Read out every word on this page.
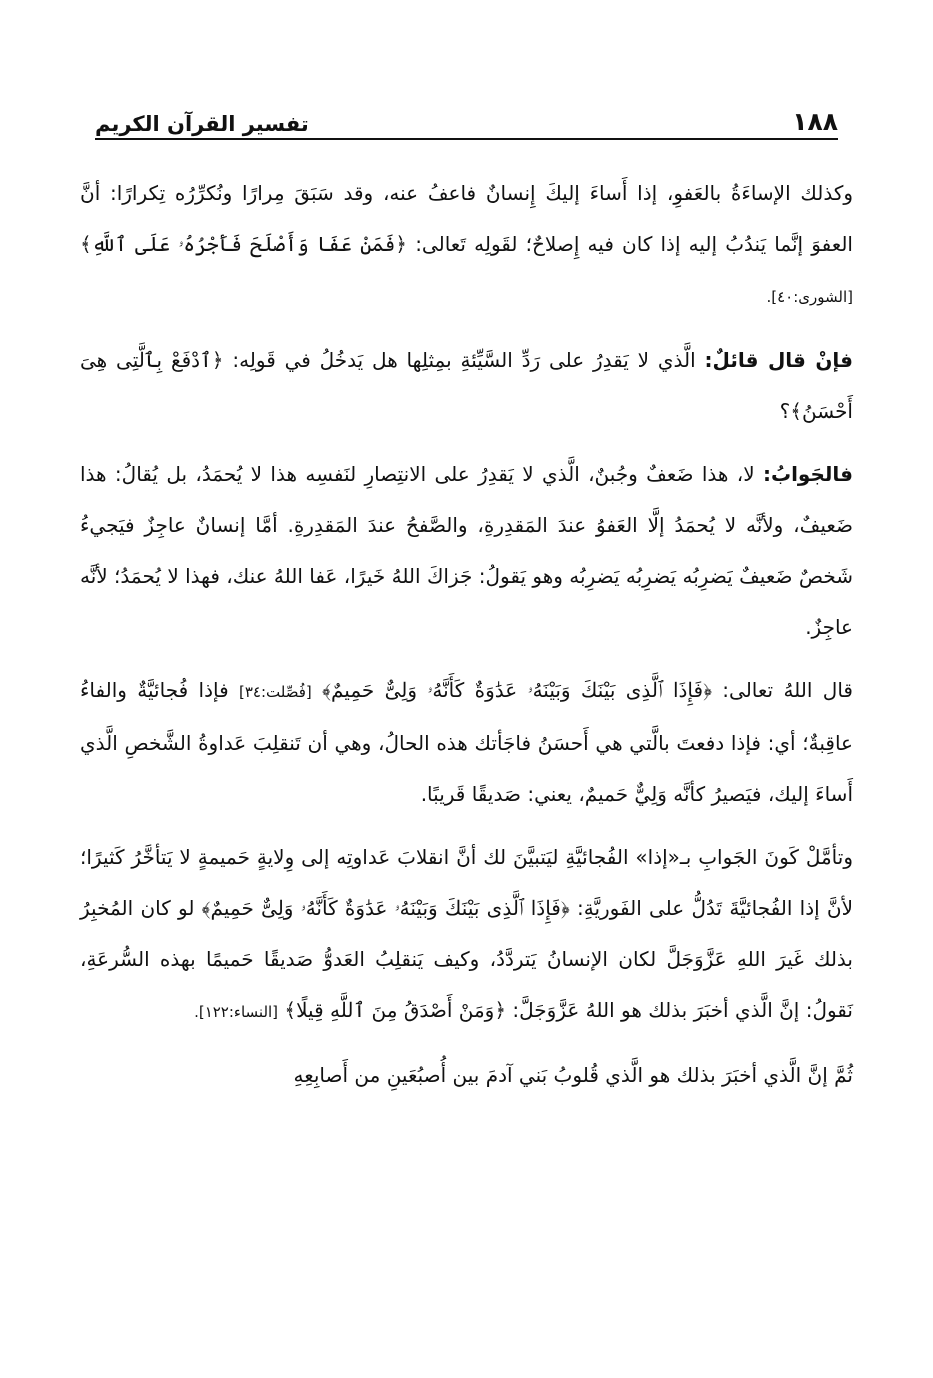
تفسير القرآن الكريم	١٨٨

وكذلك الإساءَةُ بالعَفوِ، إذا أَساءَ إليكَ إِنسانٌ فاعفُ عنه، وقد سَبَقَ مِرارًا ونُكرِّرُه تِكرارًا: أنَّ العفوَ إنَّما يَندُبُ إليه إذا كان فيه إِصلاحٌ؛ لقَولِه تَعالى: ﴿فَمَنْ عَفَا وَأَصْلَحَ فَأَجْرُهُۥ عَلَى ٱللَّهِ﴾ [الشورى:٤٠].

فإنْ قال قائلٌ: الَّذي لا يَقدِرُ على رَدِّ السَّيِّئةِ بمِثلِها هل يَدخُلُ في قَولِه: ﴿ٱدْفَعْ بِٱلَّتِى هِىَ أَحْسَنُ﴾؟

فالجَوابُ: لا، هذا ضَعفٌ وجُبنٌ، الَّذي لا يَقدِرُ على الانتِصارِ لنَفسِه هذا لا يُحمَدُ، بل يُقالُ: هذا ضَعيفٌ، ولأنَّه لا يُحمَدُ إلَّا العَفوُ عندَ المَقدِرةِ، والصَّفحُ عندَ المَقدِرةِ. أمَّا إنسانٌ عاجِزٌ فيَجيءُ شَخصٌ ضَعيفٌ يَضرِبُه يَضرِبُه يَضرِبُه وهو يَقولُ: جَزاكَ اللهُ خَيرًا، عَفا اللهُ عنك، فهذا لا يُحمَدُ؛ لأنَّه عاجِزٌ.

قال اللهُ تعالى: ﴿فَإِذَا ٱلَّذِى بَيْنَكَ وَبَيْنَهُۥ عَدَٰوَةٌ كَأَنَّهُۥ وَلِىٌّ حَمِيمٌ﴾ [فُصِّلت:٣٤] فإذا فُجائيَّةٌ والفاءُ عاقِبةٌ؛ أي: فإذا دفعتَ بالَّتي هي أَحسَنُ فاجَأتك هذه الحالُ، وهي أن تَنقلِبَ عَداوةُ الشَّخصِ الَّذي أَساءَ إليك، فيَصيرُ كأنَّه وَلِيٌّ حَميمٌ، يعني: صَديقًا قَريبًا.

وتأمَّلْ كَونَ الجَوابِ بـ«إذا» الفُجائيَّةِ ليَتبيَّنَ لك أنَّ انقلابَ عَداوتِه إلى وِلايةٍ حَميمةٍ لا يَتأخَّرُ كَثيرًا؛ لأنَّ إذا الفُجائيَّةَ تَدُلُّ على الفَوريَّةِ: ﴿فَإِذَا ٱلَّذِى بَيْنَكَ وَبَيْنَهُۥ عَدَٰوَةٌ كَأَنَّهُۥ وَلِىٌّ حَمِيمٌ﴾ لو كان المُخبِرُ بذلك غَيرَ اللهِ عَزَّوَجَلَّ لكان الإنسانُ يَتردَّدُ، وكيف يَنقلِبُ العَدوُّ صَديقًا حَميمًا بهذه السُّرعَةِ، نَقولُ: إنَّ الَّذي أخبَرَ بذلك هو اللهُ عَزَّوَجَلَّ: ﴿وَمَنْ أَصْدَقُ مِنَ ٱللَّهِ قِيلًا﴾ [النساء:١٢٢].

ثُمَّ إنَّ الَّذي أخبَرَ بذلك هو الَّذي قُلوبُ بَني آدمَ بين أُصبُعَينِ من أَصابِعِهِ
